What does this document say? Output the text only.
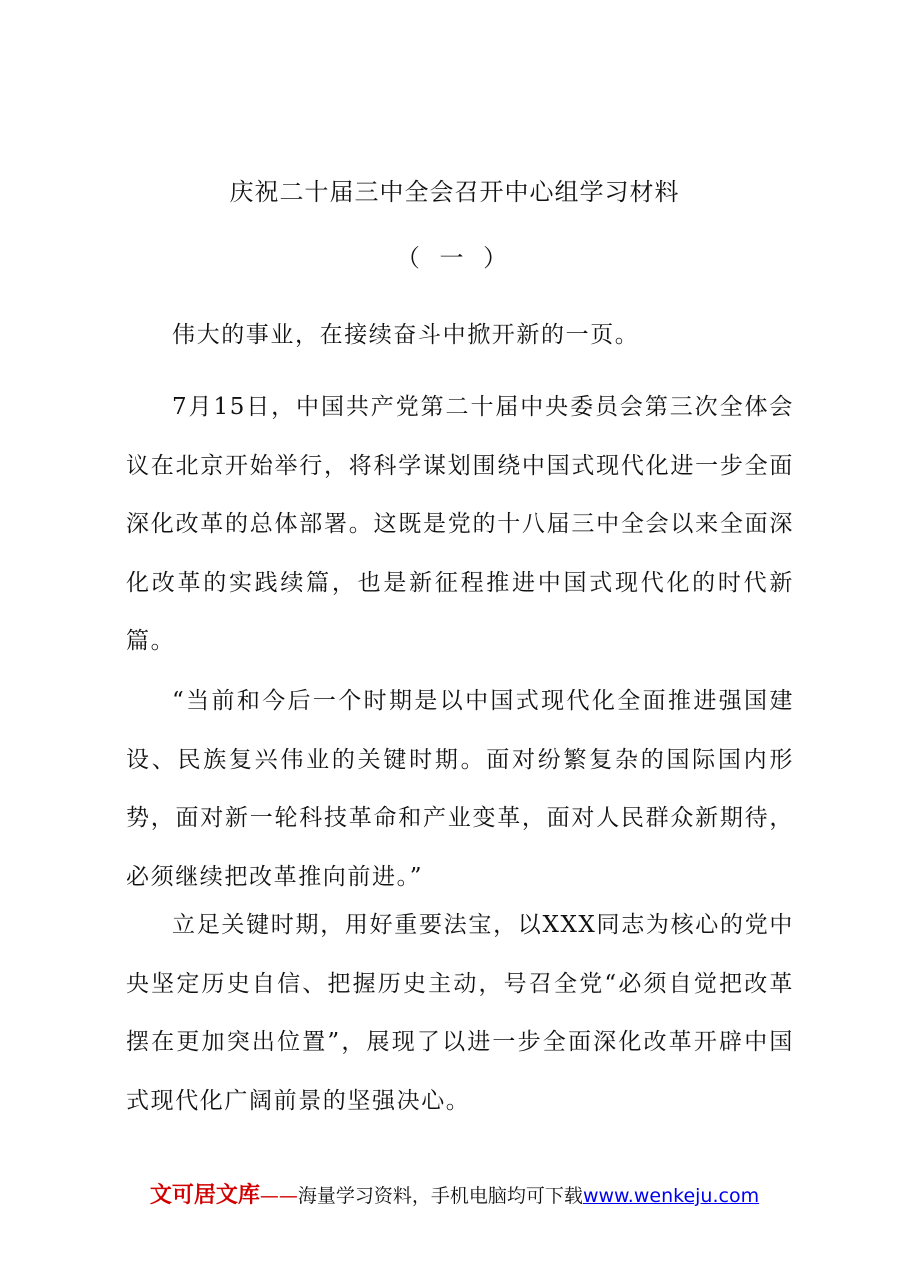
庆祝二十届三中全会召开中心组学习材料
（ 一 ）

伟大的事业，在接续奋斗中掀开新的一页。

7月15日，中国共产党第二十届中央委员会第三次全体会议在北京开始举行，将科学谋划围绕中国式现代化进一步全面深化改革的总体部署。这既是党的十八届三中全会以来全面深化改革的实践续篇，也是新征程推进中国式现代化的时代新篇。

“当前和今后一个时期是以中国式现代化全面推进强国建设、民族复兴伟业的关键时期。面对纷繁复杂的国际国内形势，面对新一轮科技革命和产业变革，面对人民群众新期待，必须继续把改革推向前进。”

立足关键时期，用好重要法宝，以XXX同志为核心的党中央坚定历史自信、把握历史主动，号召全党“必须自觉把改革摆在更加突出位置”，展现了以进一步全面深化改革开辟中国式现代化广阔前景的坚强决心。

文可居文库——海量学习资料，手机电脑均可下载www.wenkeju.com
